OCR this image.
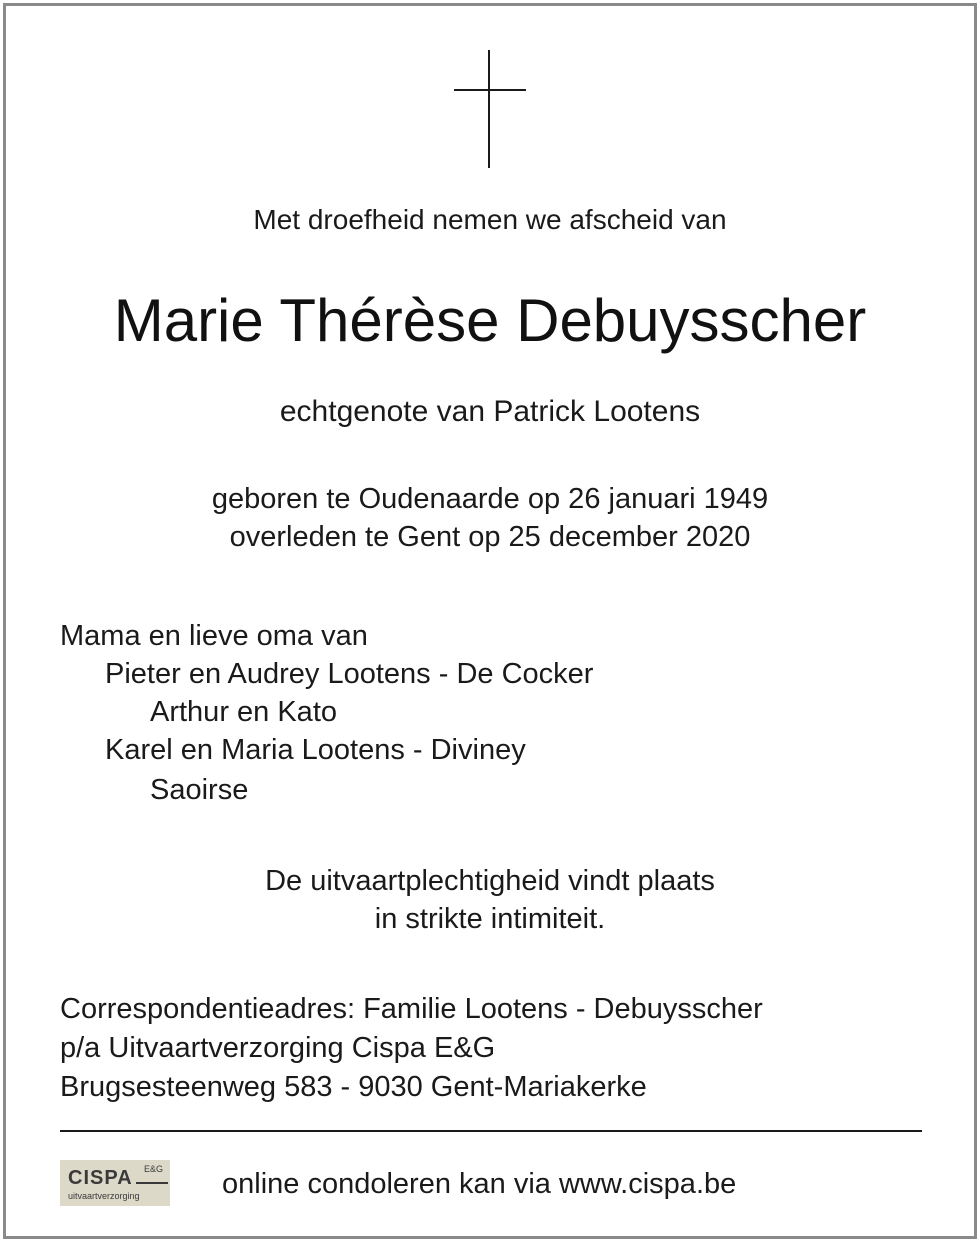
Met droefheid nemen we afscheid van
Marie Thérèse Debuysscher
echtgenote van Patrick Lootens
geboren te Oudenaarde op 26 januari 1949
overleden te Gent op 25 december 2020
Mama en lieve oma van
Pieter en Audrey Lootens - De Cocker
Arthur en Kato
Karel en Maria Lootens - Diviney
Saoirse
De uitvaartplechtigheid vindt plaats
in strikte intimiteit.
Correspondentieadres: Familie Lootens - Debuysscher
p/a Uitvaartverzorging Cispa E&G
Brugsesteenweg 583 - 9030 Gent-Mariakerke
CISPA E&G
uitvaartverzorging	online condoleren kan via www.cispa.be
